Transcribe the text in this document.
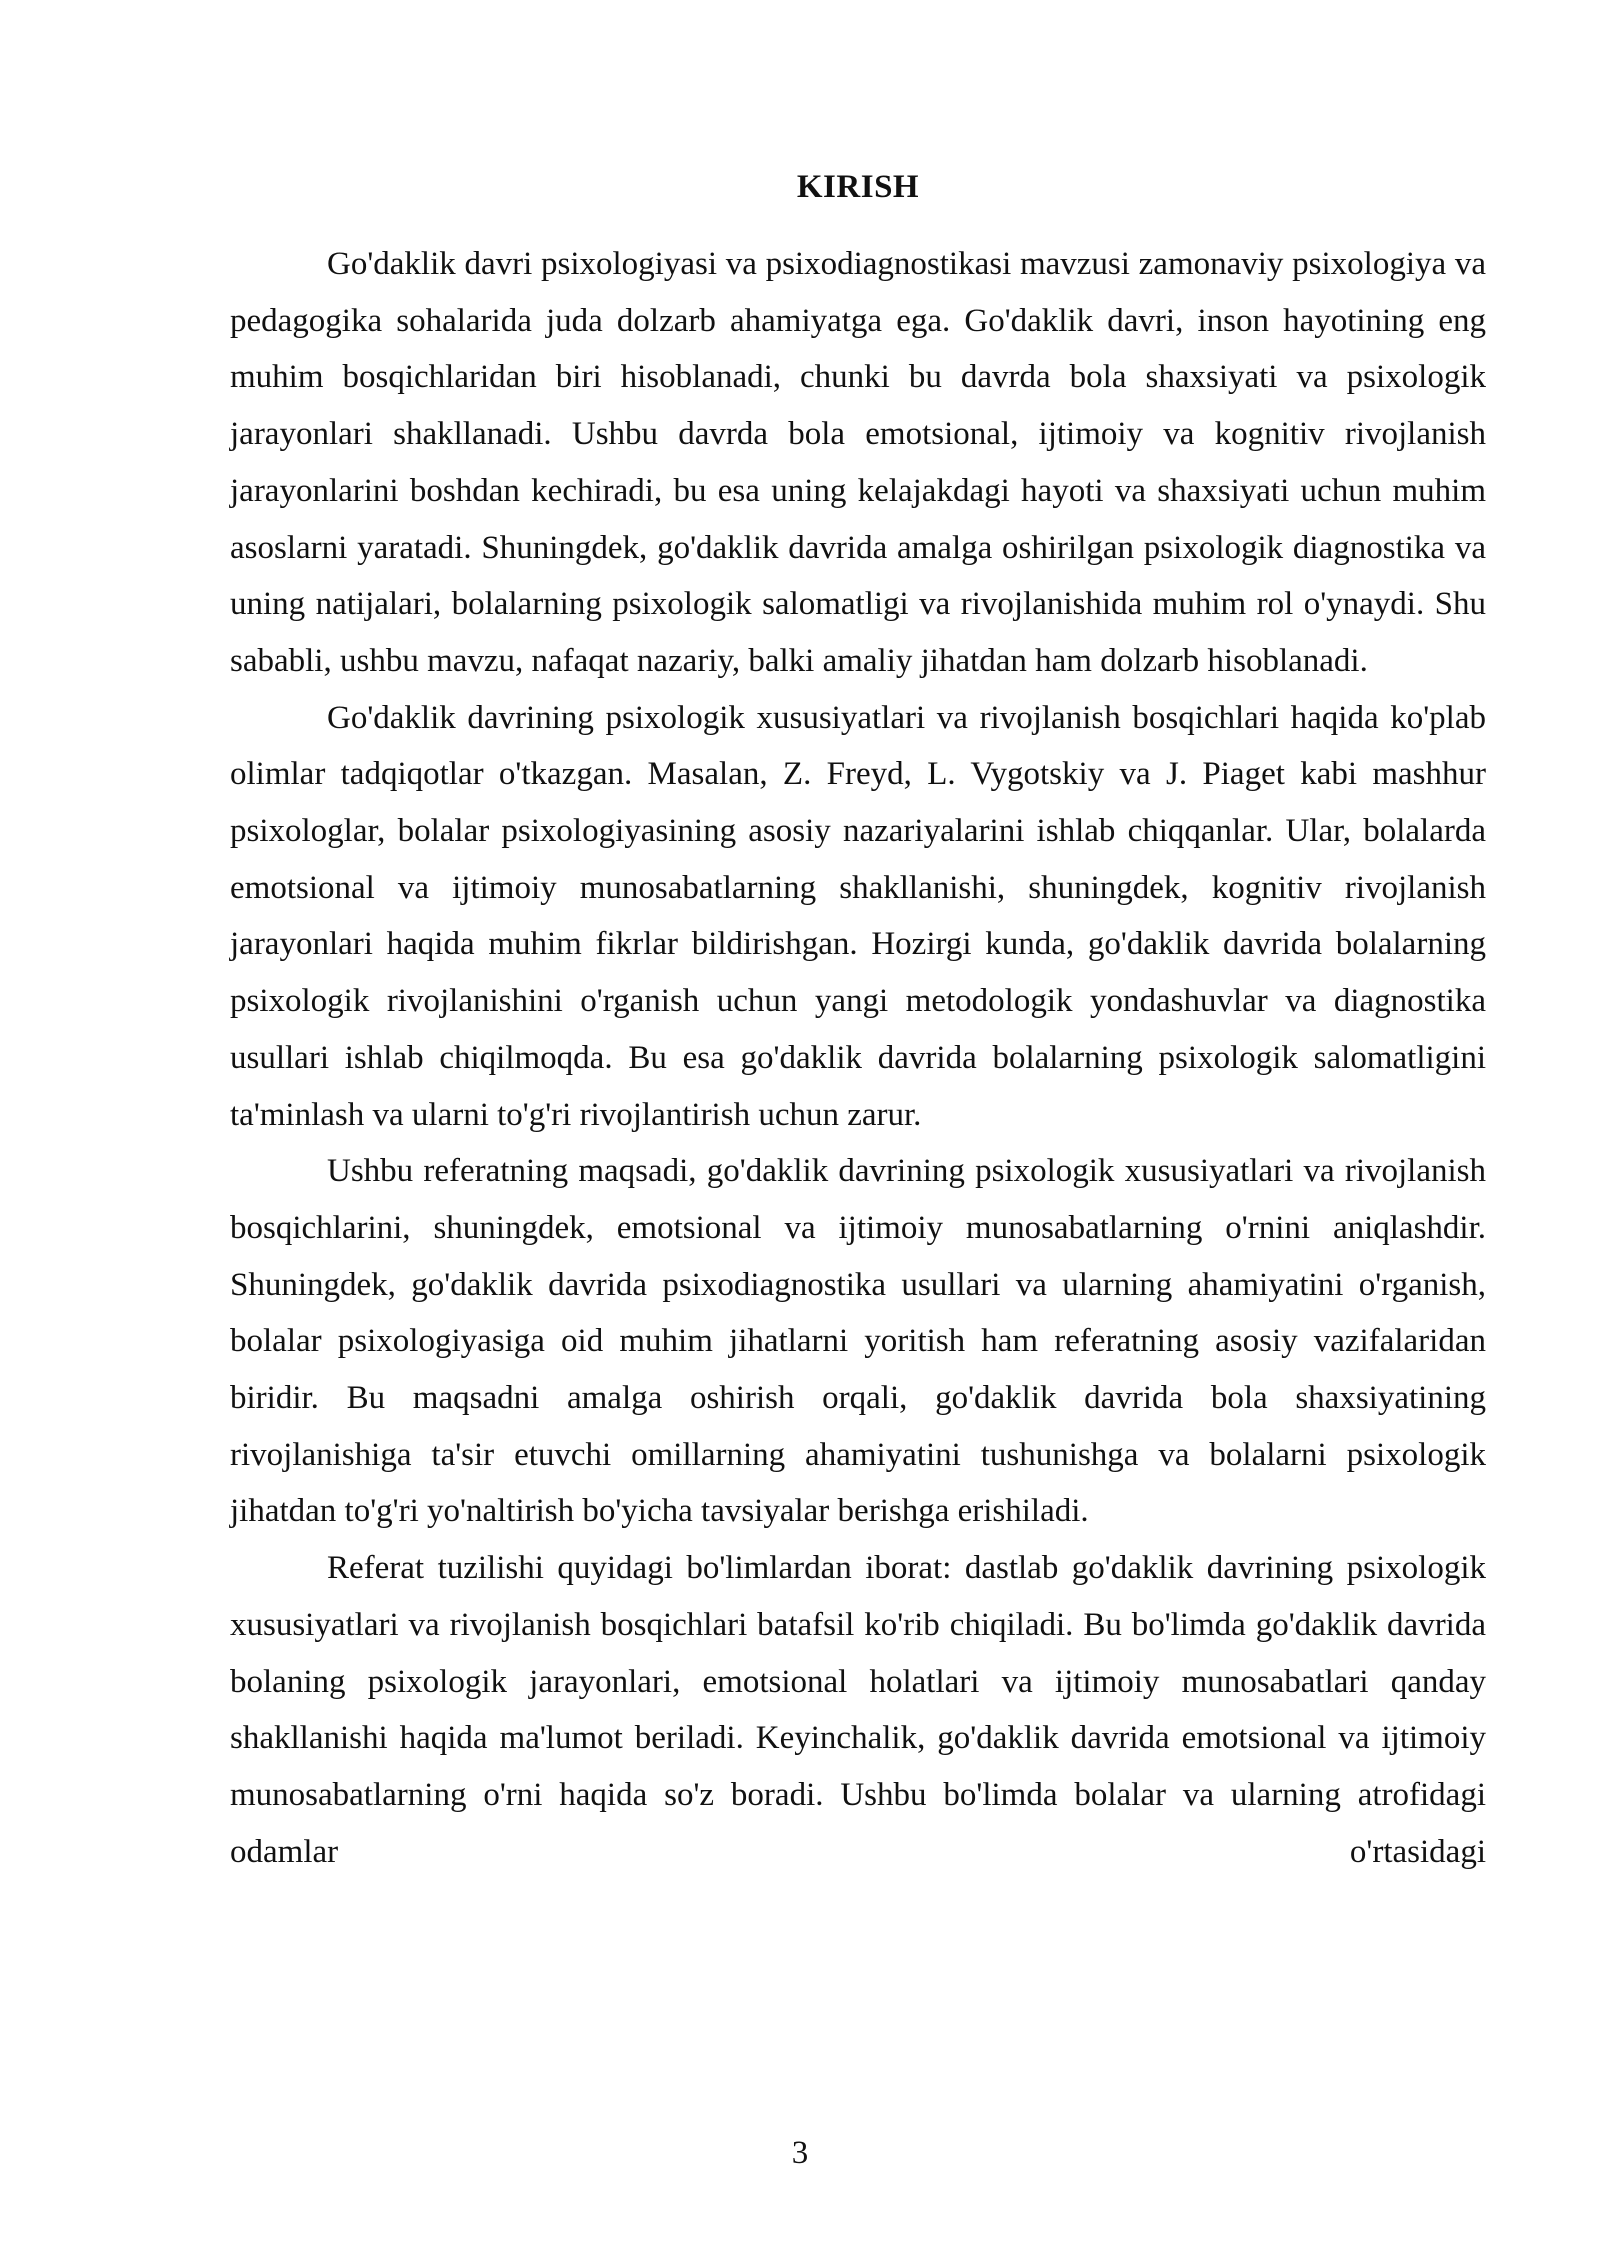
KIRISH

Go'daklik davri psixologiyasi va psixodiagnostikasi mavzusi zamonaviy psixologiya va pedagogika sohalarida juda dolzarb ahamiyatga ega. Go'daklik davri, inson hayotining eng muhim bosqichlaridan biri hisoblanadi, chunki bu davrda bola shaxsiyati va psixologik jarayonlari shakllanadi. Ushbu davrda bola emotsional, ijtimoiy va kognitiv rivojlanish jarayonlarini boshdan kechiradi, bu esa uning kelajakdagi hayoti va shaxsiyati uchun muhim asoslarni yaratadi. Shuningdek, go'daklik davrida amalga oshirilgan psixologik diagnostika va uning natijalari, bolalarning psixologik salomatligi va rivojlanishida muhim rol o'ynaydi. Shu sababli, ushbu mavzu, nafaqat nazariy, balki amaliy jihatdan ham dolzarb hisoblanadi.

Go'daklik davrining psixologik xususiyatlari va rivojlanish bosqichlari haqida ko'plab olimlar tadqiqotlar o'tkazgan. Masalan, Z. Freyd, L. Vygotskiy va J. Piaget kabi mashhur psixologlar, bolalar psixologiyasining asosiy nazariyalarini ishlab chiqqanlar. Ular, bolalarda emotsional va ijtimoiy munosabatlarning shakllanishi, shuningdek, kognitiv rivojlanish jarayonlari haqida muhim fikrlar bildirishgan. Hozirgi kunda, go'daklik davrida bolalarning psixologik rivojlanishini o'rganish uchun yangi metodologik yondashuvlar va diagnostika usullari ishlab chiqilmoqda. Bu esa go'daklik davrida bolalarning psixologik salomatligini ta'minlash va ularni to'g'ri rivojlantirish uchun zarur.

Ushbu referatning maqsadi, go'daklik davrining psixologik xususiyatlari va rivojlanish bosqichlarini, shuningdek, emotsional va ijtimoiy munosabatlarning o'rnini aniqlashdir. Shuningdek, go'daklik davrida psixodiagnostika usullari va ularning ahamiyatini o'rganish, bolalar psixologiyasiga oid muhim jihatlarni yoritish ham referatning asosiy vazifalaridan biridir. Bu maqsadni amalga oshirish orqali, go'daklik davrida bola shaxsiyatining rivojlanishiga ta'sir etuvchi omillarning ahamiyatini tushunishga va bolalarni psixologik jihatdan to'g'ri yo'naltirish bo'yicha tavsiyalar berishga erishiladi.

Referat tuzilishi quyidagi bo'limlardan iborat: dastlab go'daklik davrining psixologik xususiyatlari va rivojlanish bosqichlari batafsil ko'rib chiqiladi. Bu bo'limda go'daklik davrida bolaning psixologik jarayonlari, emotsional holatlari va ijtimoiy munosabatlari qanday shakllanishi haqida ma'lumot beriladi. Keyinchalik, go'daklik davrida emotsional va ijtimoiy munosabatlarning o'rni haqida so'z boradi. Ushbu bo'limda bolalar va ularning atrofidagi odamlar o'rtasidagi

3
